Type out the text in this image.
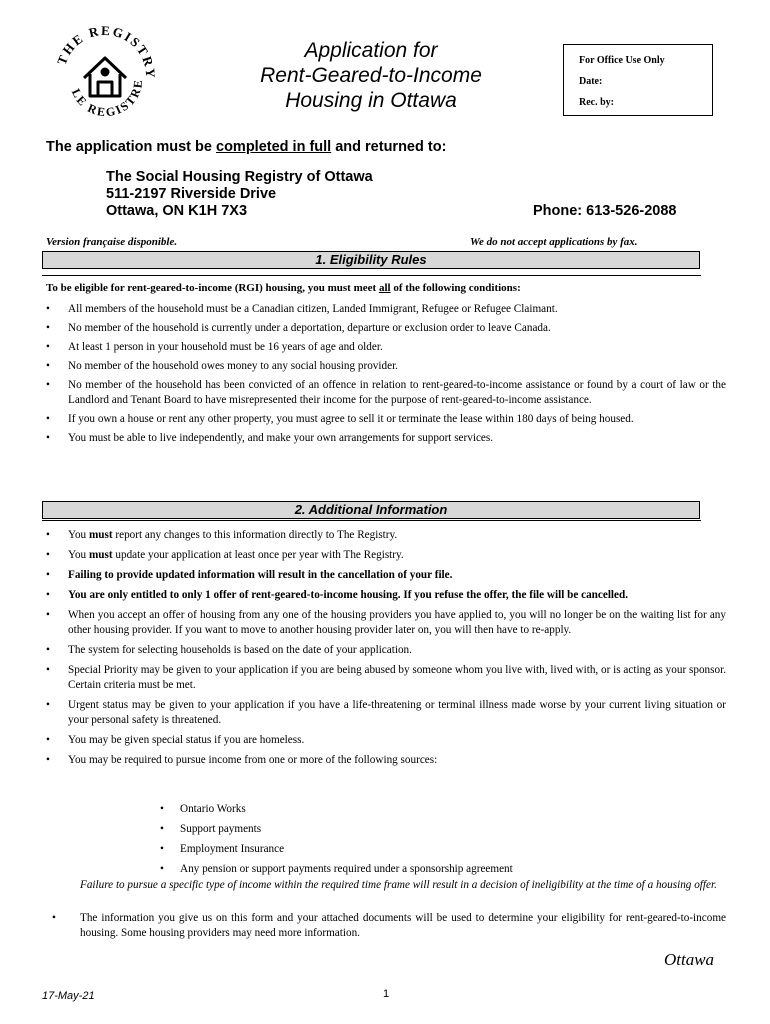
THE REGISTRY
LE REGISTRE
Application for
Rent-Geared-to-Income
Housing in Ottawa
For Office Use Only
Date:
Rec. by:
The application must be completed in full and returned to:
The Social Housing Registry of Ottawa
511-2197 Riverside Drive
Ottawa, ON K1H 7X3	Phone: 613-526-2088
Version française disponible.	We do not accept applications by fax.
1. Eligibility Rules
To be eligible for rent-geared-to-income (RGI) housing, you must meet all of the following conditions:
• All members of the household must be a Canadian citizen, Landed Immigrant, Refugee or Refugee Claimant.
• No member of the household is currently under a deportation, departure or exclusion order to leave Canada.
• At least 1 person in your household must be 16 years of age and older.
• No member of the household owes money to any social housing provider.
• No member of the household has been convicted of an offence in relation to rent-geared-to-income assistance or found by a court of law or the Landlord and Tenant Board to have misrepresented their income for the purpose of rent-geared-to-income assistance.
• If you own a house or rent any other property, you must agree to sell it or terminate the lease within 180 days of being housed.
• You must be able to live independently, and make your own arrangements for support services.
2. Additional Information
• You must report any changes to this information directly to The Registry.
• You must update your application at least once per year with The Registry.
• Failing to provide updated information will result in the cancellation of your file.
• You are only entitled to only 1 offer of rent-geared-to-income housing. If you refuse the offer, the file will be cancelled.
• When you accept an offer of housing from any one of the housing providers you have applied to, you will no longer be on the waiting list for any other housing provider. If you want to move to another housing provider later on, you will then have to re-apply.
• The system for selecting households is based on the date of your application.
• Special Priority may be given to your application if you are being abused by someone whom you live with, lived with, or is acting as your sponsor. Certain criteria must be met.
• Urgent status may be given to your application if you have a life-threatening or terminal illness made worse by your current living situation or your personal safety is threatened.
• You may be given special status if you are homeless.
• You may be required to pursue income from one or more of the following sources:
• Ontario Works
• Support payments
• Employment Insurance
• Any pension or support payments required under a sponsorship agreement
Failure to pursue a specific type of income within the required time frame will result in a decision of ineligibility at the time of a housing offer.
•	The information you give us on this form and your attached documents will be used to determine your eligibility for rent-geared-to-income housing. Some housing providers may need more information.
Ottawa
17-May-21	1
